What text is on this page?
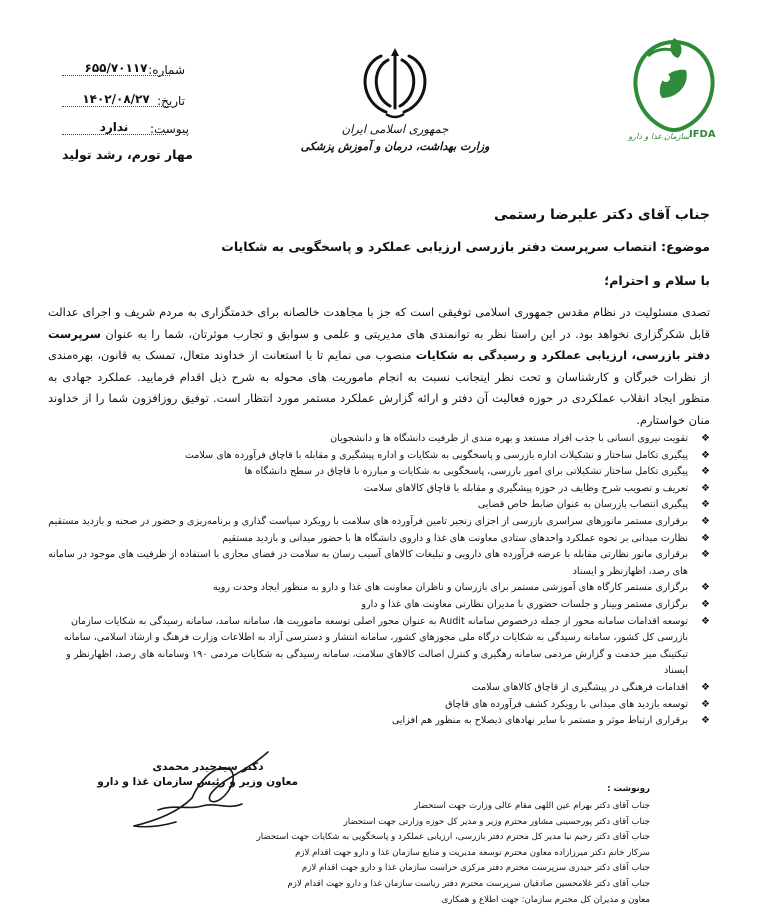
شماره:
۶۵۵/۷۰۱۱۷
تاریخ:
۱۴۰۲/۰۸/۲۷
پیوست:
ندارد
مهار تورم، رشد تولید
جمهوری اسلامی ایران
وزارت بهداشت، درمان و آموزش پزشکی
سازمان غذا و دارو IFDA
جناب آقای دکتر علیرضا رستمی
موضوع: انتصاب سرپرست دفتر بازرسی ارزیابی عملکرد و پاسخگویی به شکایات
با سلام و احترام؛
تصدی مسئولیت در نظام مقدس جمهوری اسلامی توفیقی است که جز با مجاهدت خالصانه برای خدمتگزاری به مردم شریف و اجرای عدالت قابل شکرگزاری نخواهد بود. در این راستا نظر به توانمندی های مدیریتی و علمی و سوابق و تجارب موثرتان، شما را به عنوان سرپرست دفتر بازرسی، ارزیابی عملکرد و رسیدگی به شکایات منصوب می نمایم تا با استعانت از خداوند متعال، تمسک به قانون، بهره‌مندی از نظرات خبرگان و کارشناسان و تحت نظر اینجانب نسبت به انجام ماموریت های محوله به شرح ذیل اقدام فرمایید. عملکرد جهادی به منظور ایجاد انقلاب عملکردی در حوزه فعالیت آن دفتر و ارائه گزارش عملکرد مستمر مورد انتظار است. توفیق روزافزون شما را از خداوند منان خواستارم.
❖
تقویت نیروی انسانی با جذب افراد مستعد و بهره مندی از ظرفیت دانشگاه ها و دانشجویان
❖
پیگیری تکامل ساختار و تشکیلات اداره بازرسی و پاسخگویی به شکایات و اداره پیشگیری و مقابله با قاچاق فرآورده های سلامت
❖
پیگیری تکامل ساختار تشکیلاتی برای امور بازرسی، پاسخگویی به شکایات و مبارزه با قاچاق در سطح دانشگاه ها
❖
تعریف و تصویب شرح وظایف در حوزه پیشگیری و مقابله با قاچاق کالاهای سلامت
❖
پیگیری انتصاب بازرسان به عنوان ضابط خاص قضایی
❖
برقراری مستمر مانورهای سراسری بازرسی از اجزای زنجیر تامین فرآورده های سلامت با رویکرد سیاست گذاری و برنامه‌ریزی و حضور در صحنه و بازدید مستقیم
❖
نظارت میدانی بر نحوه عملکرد واحدهای ستادی معاونت های غذا و داروی دانشگاه ها با حضور میدانی و بازدید مستقیم
❖
برقراری مانور نظارتی مقابله با عرضه فرآورده های دارویی و تبلیغات کالاهای آسیب رسان به سلامت در فضای مجازی با استفاده از ظرفیت های موجود در سامانه های رصد، اظهارنظر و ایسناد
❖
برگزاری مستمر کارگاه های آموزشی مستمر برای بازرسان و ناظران معاونت های غذا و دارو به منظور ایجاد وحدت رویه
❖
برگزاری مستمر وبینار و جلسات حضوری با مدیران نظارتی معاونت های غذا و دارو
❖
توسعه اقدامات سامانه محور از جمله درخصوص سامانه Audit به عنوان محور اصلی توسعه ماموریت ها، سامانه سامد، سامانه رسیدگی به شکایات سازمان بازرسی کل کشور، سامانه رسیدگی به شکایات درگاه ملی مجوزهای کشور، سامانه انتشار و دسترسی آزاد به اطلاعات وزارت فرهنگ و ارشاد اسلامی، سامانه تیکتینگ میز خدمت و گزارش مردمی سامانه رهگیری و کنترل اصالت کالاهای سلامت، سامانه رسیدگی به شکایات مردمی ۱۹۰ وسامانه های رصد، اظهارنظر و ایسناد
❖
اقدامات فرهنگی در پیشگیری از قاچاق کالاهای سلامت
❖
توسعه بازدید های میدانی با رویکرد کشف فرآورده های قاچاق
❖
برقراری ارتباط موثر و مستمر با سایر نهادهای ذیصلاح به منظور هم افزایی
دکتر سیدحیدر محمدی
معاون وزیر و رئیس سازمان غذا و دارو
رونوشت :
جناب آقای دکتر بهرام عین اللهی مقام عالی وزارت جهت استحضار
جناب آقای دکتر پورحسینی مشاور محترم وزیر و مدیر کل حوزه وزارتی جهت استحضار
جناب آقای دکتر رحیم نیا مدیر کل محترم دفتر بازرسی، ارزیابی عملکرد و پاسخگویی به شکایات جهت استحضار
سرکار خانم دکتر میرزازاده معاون محترم توسعه مدیریت و منابع سازمان غذا و دارو جهت اقدام لازم
جناب آقای دکتر حیدری سرپرست محترم دفتر مرکزی حراست سازمان غذا و دارو جهت اقدام لازم
جناب آقای دکتر غلامحسین صادقیان سرپرست محترم دفتر ریاست سازمان غذا و دارو جهت اقدام لازم
معاون و مدیران کل محترم سازمان: جهت اطلاع و همکاری
